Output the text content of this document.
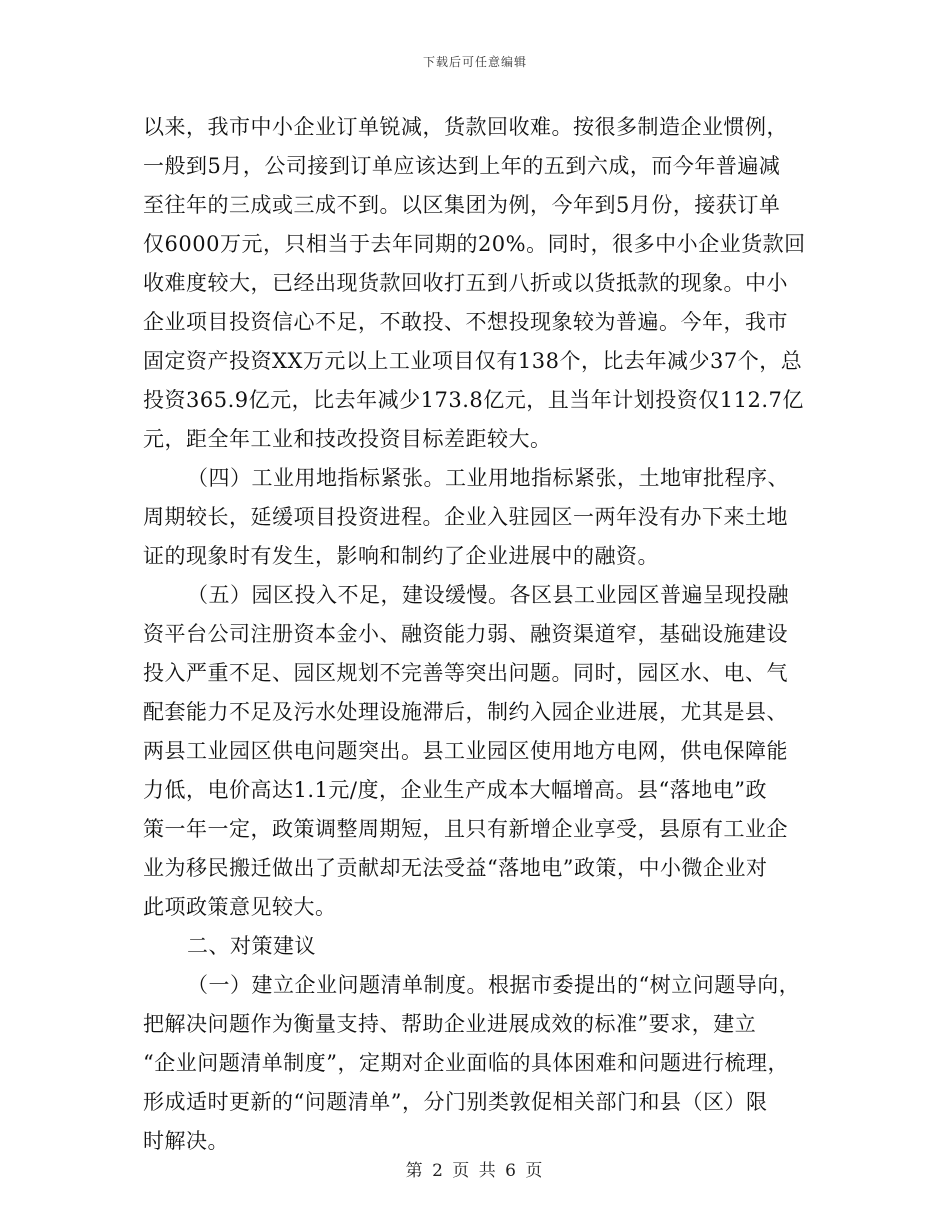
下载后可任意编辑
以来，我市中小企业订单锐减，货款回收难。按很多制造企业惯例，
一般到5月，公司接到订单应该达到上年的五到六成，而今年普遍减
至往年的三成或三成不到。以区集团为例，今年到5月份，接获订单
仅6000万元，只相当于去年同期的20%。同时，很多中小企业货款回
收难度较大，已经出现货款回收打五到八折或以货抵款的现象。中小
企业项目投资信心不足，不敢投、不想投现象较为普遍。今年，我市
固定资产投资XX万元以上工业项目仅有138个，比去年减少37个，总
投资365.9亿元，比去年减少173.8亿元，且当年计划投资仅112.7亿
元，距全年工业和技改投资目标差距较大。
（四）工业用地指标紧张。工业用地指标紧张，土地审批程序、
周期较长，延缓项目投资进程。企业入驻园区一两年没有办下来土地
证的现象时有发生，影响和制约了企业进展中的融资。
（五）园区投入不足，建设缓慢。各区县工业园区普遍呈现投融
资平台公司注册资本金小、融资能力弱、融资渠道窄，基础设施建设
投入严重不足、园区规划不完善等突出问题。同时，园区水、电、气
配套能力不足及污水处理设施滞后，制约入园企业进展，尤其是县、
两县工业园区供电问题突出。县工业园区使用地方电网，供电保障能
力低，电价高达1.1元/度，企业生产成本大幅增高。县“落地电”政
策一年一定，政策调整周期短，且只有新增企业享受，县原有工业企
业为移民搬迁做出了贡献却无法受益“落地电”政策，中小微企业对
此项政策意见较大。
二、对策建议
（一）建立企业问题清单制度。根据市委提出的“树立问题导向，
把解决问题作为衡量支持、帮助企业进展成效的标准”要求，建立
“企业问题清单制度”，定期对企业面临的具体困难和问题进行梳理，
形成适时更新的“问题清单”，分门别类敦促相关部门和县（区）限
时解决。
第 2 页 共 6 页
